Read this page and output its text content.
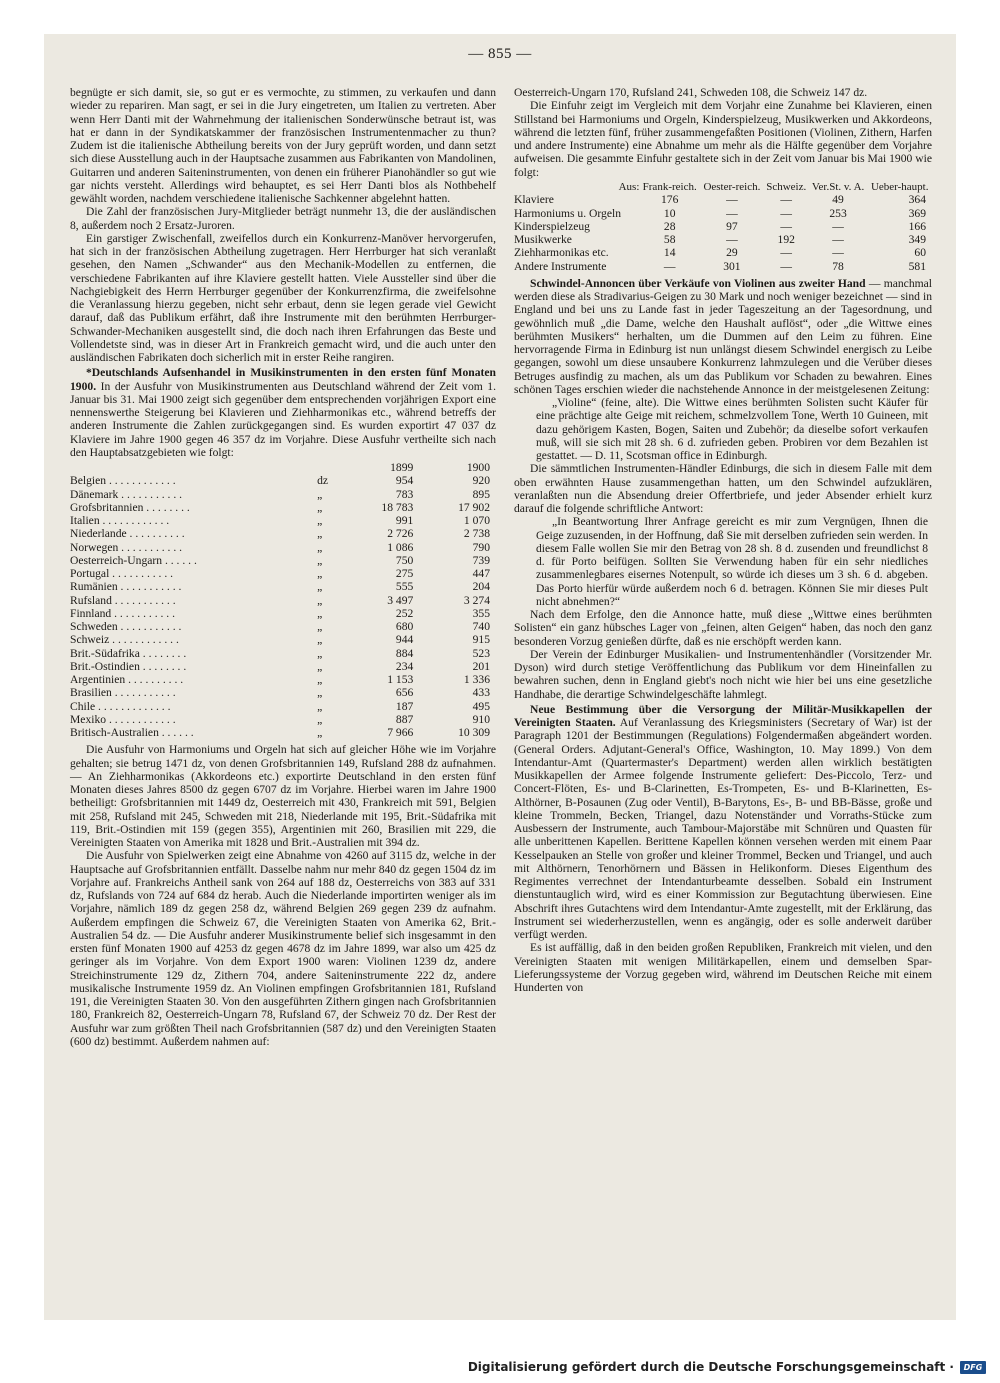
— 855 —

begnügte er sich damit, sie, so gut er es vermochte, zu stimmen, zu verkaufen und dann wieder zu repariren. Man sagt, er sei in die Jury eingetreten, um Italien zu vertreten. Aber wenn Herr Danti mit der Wahrnehmung der italienischen Sonderwünsche betraut ist, was hat er dann in der Syndikatskammer der französischen Instrumentenmacher zu thun? Zudem ist die italienische Abtheilung bereits von der Jury geprüft worden, und dann setzt sich diese Ausstellung auch in der Hauptsache zusammen aus Fabrikanten von Mandolinen, Guitarren und anderen Saiteninstrumenten, von denen ein früherer Pianohändler so gut wie gar nichts versteht. Allerdings wird behauptet, es sei Herr Danti blos als Nothbehelf gewählt worden, nachdem verschiedene italienische Sachkenner abgelehnt hatten.

Die Zahl der französischen Jury-Mitglieder beträgt nunmehr 13, die der ausländischen 8, außerdem noch 2 Ersatz-Juroren.

Ein garstiger Zwischenfall, zweifellos durch ein Konkurrenz-Manöver hervorgerufen, hat sich in der französischen Abtheilung zugetragen. Herr Herrburger hat sich veranlaßt gesehen, den Namen „Schwander“ aus den Mechanik-Modellen zu entfernen, die verschiedene Fabrikanten auf ihre Klaviere gestellt hatten. Viele Aussteller sind über die Nachgiebigkeit des Herrn Herrburger gegenüber der Konkurrenzfirma, die zweifelsohne die Veranlassung hierzu gegeben, nicht sehr erbaut, denn sie legen gerade viel Gewicht darauf, daß das Publikum erfährt, daß ihre Instrumente mit den berühmten Herrburger-Schwander-Mechaniken ausgestellt sind, die doch nach ihren Erfahrungen das Beste und Vollendetste sind, was in dieser Art in Frankreich gemacht wird, und die auch unter den ausländischen Fabrikaten doch sicherlich mit in erster Reihe rangiren.

*Deutschlands Aufsenhandel in Musikinstrumenten in den ersten fünf Monaten 1900. In der Ausfuhr von Musikinstrumenten aus Deutschland während der Zeit vom 1. Januar bis 31. Mai 1900 zeigt sich gegenüber dem entsprechenden vorjährigen Export eine nennenswerthe Steigerung bei Klavieren und Ziehharmonikas etc., während betreffs der anderen Instrumente die Zahlen zurückgegangen sind. Es wurden exportirt 47 037 dz Klaviere im Jahre 1900 gegen 46 357 dz im Vorjahre. Diese Ausfuhr vertheilte sich nach den Hauptabsatzgebieten wie folgt:

		1899	1900
Belgien . . . . . . . . . . . .	dz	954	920
Dänemark . . . . . . . . . . .	„	783	895
Grofsbritannien . . . . . . . .	„	18 783	17 902
Italien . . . . . . . . . . . .	„	991	1 070
Niederlande . . . . . . . . . .	„	2 726	2 738
Norwegen . . . . . . . . . . .	„	1 086	790
Oesterreich-Ungarn . . . . . .	„	750	739
Portugal . . . . . . . . . . .	„	275	447
Rumänien . . . . . . . . . . .	„	555	204
Rufsland . . . . . . . . . . .	„	3 497	3 274
Finnland . . . . . . . . . . .	„	252	355
Schweden . . . . . . . . . . .	„	680	740
Schweiz . . . . . . . . . . . .	„	944	915
Brit.-Südafrika . . . . . . . .	„	884	523
Brit.-Ostindien . . . . . . . .	„	234	201
Argentinien . . . . . . . . . .	„	1 153	1 336
Brasilien . . . . . . . . . . .	„	656	433
Chile . . . . . . . . . . . . .	„	187	495
Mexiko . . . . . . . . . . . .	„	887	910
Britisch-Australien . . . . . .	„	7 966	10 309

Die Ausfuhr von Harmoniums und Orgeln hat sich auf gleicher Höhe wie im Vorjahre gehalten; sie betrug 1471 dz, von denen Grofsbritannien 149, Rufsland 288 dz aufnahmen. — An Ziehharmonikas (Akkordeons etc.) exportirte Deutschland in den ersten fünf Monaten dieses Jahres 8500 dz gegen 6707 dz im Vorjahre. Hierbei waren im Jahre 1900 betheiligt: Grofsbritannien mit 1449 dz, Oesterreich mit 430, Frankreich mit 591, Belgien mit 258, Rufsland mit 245, Schweden mit 218, Niederlande mit 195, Brit.-Südafrika mit 119, Brit.-Ostindien mit 159 (gegen 355), Argentinien mit 260, Brasilien mit 229, die Vereinigten Staaten von Amerika mit 1828 und Brit.-Australien mit 394 dz.

Die Ausfuhr von Spielwerken zeigt eine Abnahme von 4260 auf 3115 dz, welche in der Hauptsache auf Grofsbritannien entfällt. Dasselbe nahm nur mehr 840 dz gegen 1504 dz im Vorjahre auf. Frankreichs Antheil sank von 264 auf 188 dz, Oesterreichs von 383 auf 331 dz, Rufslands von 724 auf 684 dz herab. Auch die Niederlande importirten weniger als im Vorjahre, nämlich 189 dz gegen 258 dz, während Belgien 269 gegen 239 dz aufnahm. Außerdem empfingen die Schweiz 67, die Vereinigten Staaten von Amerika 62, Brit.-Australien 54 dz. — Die Ausfuhr anderer Musikinstrumente belief sich insgesammt in den ersten fünf Monaten 1900 auf 4253 dz gegen 4678 dz im Jahre 1899, war also um 425 dz geringer als im Vorjahre. Von dem Export 1900 waren: Violinen 1239 dz, andere Streichinstrumente 129 dz, Zithern 704, andere Saiteninstrumente 222 dz, andere musikalische Instrumente 1959 dz. An Violinen empfingen Grofsbritannien 181, Rufsland 191, die Vereinigten Staaten 30. Von den ausgeführten Zithern gingen nach Grofsbritannien 180, Frankreich 82, Oesterreich-Ungarn 78, Rufsland 67, der Schweiz 70 dz. Der Rest der Ausfuhr war zum größten Theil nach Grofsbritannien (587 dz) und den Vereinigten Staaten (600 dz) bestimmt. Außerdem nahmen auf:

Oesterreich-Ungarn 170, Rufsland 241, Schweden 108, die Schweiz 147 dz.

Die Einfuhr zeigt im Vergleich mit dem Vorjahr eine Zunahme bei Klavieren, einen Stillstand bei Harmoniums und Orgeln, Kinderspielzeug, Musikwerken und Akkordeons, während die letzten fünf, früher zusammengefaßten Positionen (Violinen, Zithern, Harfen und andere Instrumente) eine Abnahme um mehr als die Hälfte gegenüber dem Vorjahre aufweisen. Die gesammte Einfuhr gestaltete sich in der Zeit vom Januar bis Mai 1900 wie folgt:

Aus:	Frank-reich.	Oester-reich.	Schweiz.	Ver.St. v. A.	Ueber-haupt.
Klaviere	176	—	—	49	364
Harmoniums u. Orgeln	10	—	—	253	369
Kinderspielzeug	28	97	—	—	166
Musikwerke	58	—	192	—	349
Ziehharmonikas etc.	14	29	—	—	60
Andere Instrumente	—	301	—	78	581

Schwindel-Annoncen über Verkäufe von Violinen aus zweiter Hand — manchmal werden diese als Stradivarius-Geigen zu 30 Mark und noch weniger bezeichnet — sind in England und bei uns zu Lande fast in jeder Tageszeitung an der Tagesordnung, und gewöhnlich muß „die Dame, welche den Haushalt auflöst“, oder „die Wittwe eines berühmten Musikers“ herhalten, um die Dummen auf den Leim zu führen. Eine hervorragende Firma in Edinburg ist nun unlängst diesem Schwindel energisch zu Leibe gegangen, sowohl um diese unsaubere Konkurrenz lahmzulegen und die Verüber dieses Betruges ausfindig zu machen, als um das Publikum vor Schaden zu bewahren. Eines schönen Tages erschien wieder die nachstehende Annonce in der meistgelesenen Zeitung:

„Violine“ (feine, alte). Die Wittwe eines berühmten Solisten sucht Käufer für eine prächtige alte Geige mit reichem, schmelzvollem Tone, Werth 10 Guineen, mit dazu gehörigem Kasten, Bogen, Saiten und Zubehör; da dieselbe sofort verkaufen muß, will sie sich mit 28 sh. 6 d. zufrieden geben. Probiren vor dem Bezahlen ist gestattet. — D. 11, Scotsman office in Edinburgh.

Die sämmtlichen Instrumenten-Händler Edinburgs, die sich in diesem Falle mit dem oben erwähnten Hause zusammengethan hatten, um den Schwindel aufzuklären, veranlaßten nun die Absendung dreier Offertbriefe, und jeder Absender erhielt kurz darauf die folgende schriftliche Antwort:

„In Beantwortung Ihrer Anfrage gereicht es mir zum Vergnügen, Ihnen die Geige zuzusenden, in der Hoffnung, daß Sie mit derselben zufrieden sein werden. In diesem Falle wollen Sie mir den Betrag von 28 sh. 8 d. zusenden und freundlichst 8 d. für Porto beifügen. Sollten Sie Verwendung haben für ein sehr niedliches zusammenlegbares eisernes Notenpult, so würde ich dieses um 3 sh. 6 d. abgeben. Das Porto hierfür würde außerdem noch 6 d. betragen. Können Sie mir dieses Pult nicht abnehmen?“

Nach dem Erfolge, den die Annonce hatte, muß diese „Wittwe eines berühmten Solisten“ ein ganz hübsches Lager von „feinen, alten Geigen“ haben, das noch den ganz besonderen Vorzug genießen dürfte, daß es nie erschöpft werden kann.

Der Verein der Edinburger Musikalien- und Instrumentenhändler (Vorsitzender Mr. Dyson) wird durch stetige Veröffentlichung das Publikum vor dem Hineinfallen zu bewahren suchen, denn in England giebt's noch nicht wie hier bei uns eine gesetzliche Handhabe, die derartige Schwindelgeschäfte lahmlegt.

Neue Bestimmung über die Versorgung der Militär-Musikkapellen der Vereinigten Staaten. Auf Veranlassung des Kriegsministers (Secretary of War) ist der Paragraph 1201 der Bestimmungen (Regulations) Folgendermaßen abgeändert worden. (General Orders. Adjutant-General's Office, Washington, 10. May 1899.) Von dem Intendantur-Amt (Quartermaster's Department) werden allen wirklich bestätigten Musikkapellen der Armee folgende Instrumente geliefert: Des-Piccolo, Terz- und Concert-Flöten, Es- und B-Clarinetten, Es-Trompeten, Es- und B-Klarinetten, Es-Althörner, B-Posaunen (Zug oder Ventil), B-Barytons, Es-, B- und BB-Bässe, große und kleine Trommeln, Becken, Triangel, dazu Notenständer und Vorraths-Stücke zum Ausbessern der Instrumente, auch Tambour-Majorstäbe mit Schnüren und Quasten für alle unberittenen Kapellen. Berittene Kapellen können versehen werden mit einem Paar Kesselpauken an Stelle von großer und kleiner Trommel, Becken und Triangel, und auch mit Althörnern, Tenorhörnern und Bässen in Helikonform. Dieses Eigenthum des Regimentes verrechnet der Intendanturbeamte desselben. Sobald ein Instrument dienstuntauglich wird, wird es einer Kommission zur Begutachtung überwiesen. Eine Abschrift ihres Gutachtens wird dem Intendantur-Amte zugestellt, mit der Erklärung, das Instrument sei wiederherzustellen, wenn es angängig, oder es solle anderweit darüber verfügt werden.

Es ist auffällig, daß in den beiden großen Republiken, Frankreich mit vielen, und den Vereinigten Staaten mit wenigen Militärkapellen, einem und demselben Spar-Lieferungssysteme der Vorzug gegeben wird, während im Deutschen Reiche mit einem Hunderten von

Digitalisierung gefördert durch die Deutsche Forschungsgemeinschaft ·	DFG
